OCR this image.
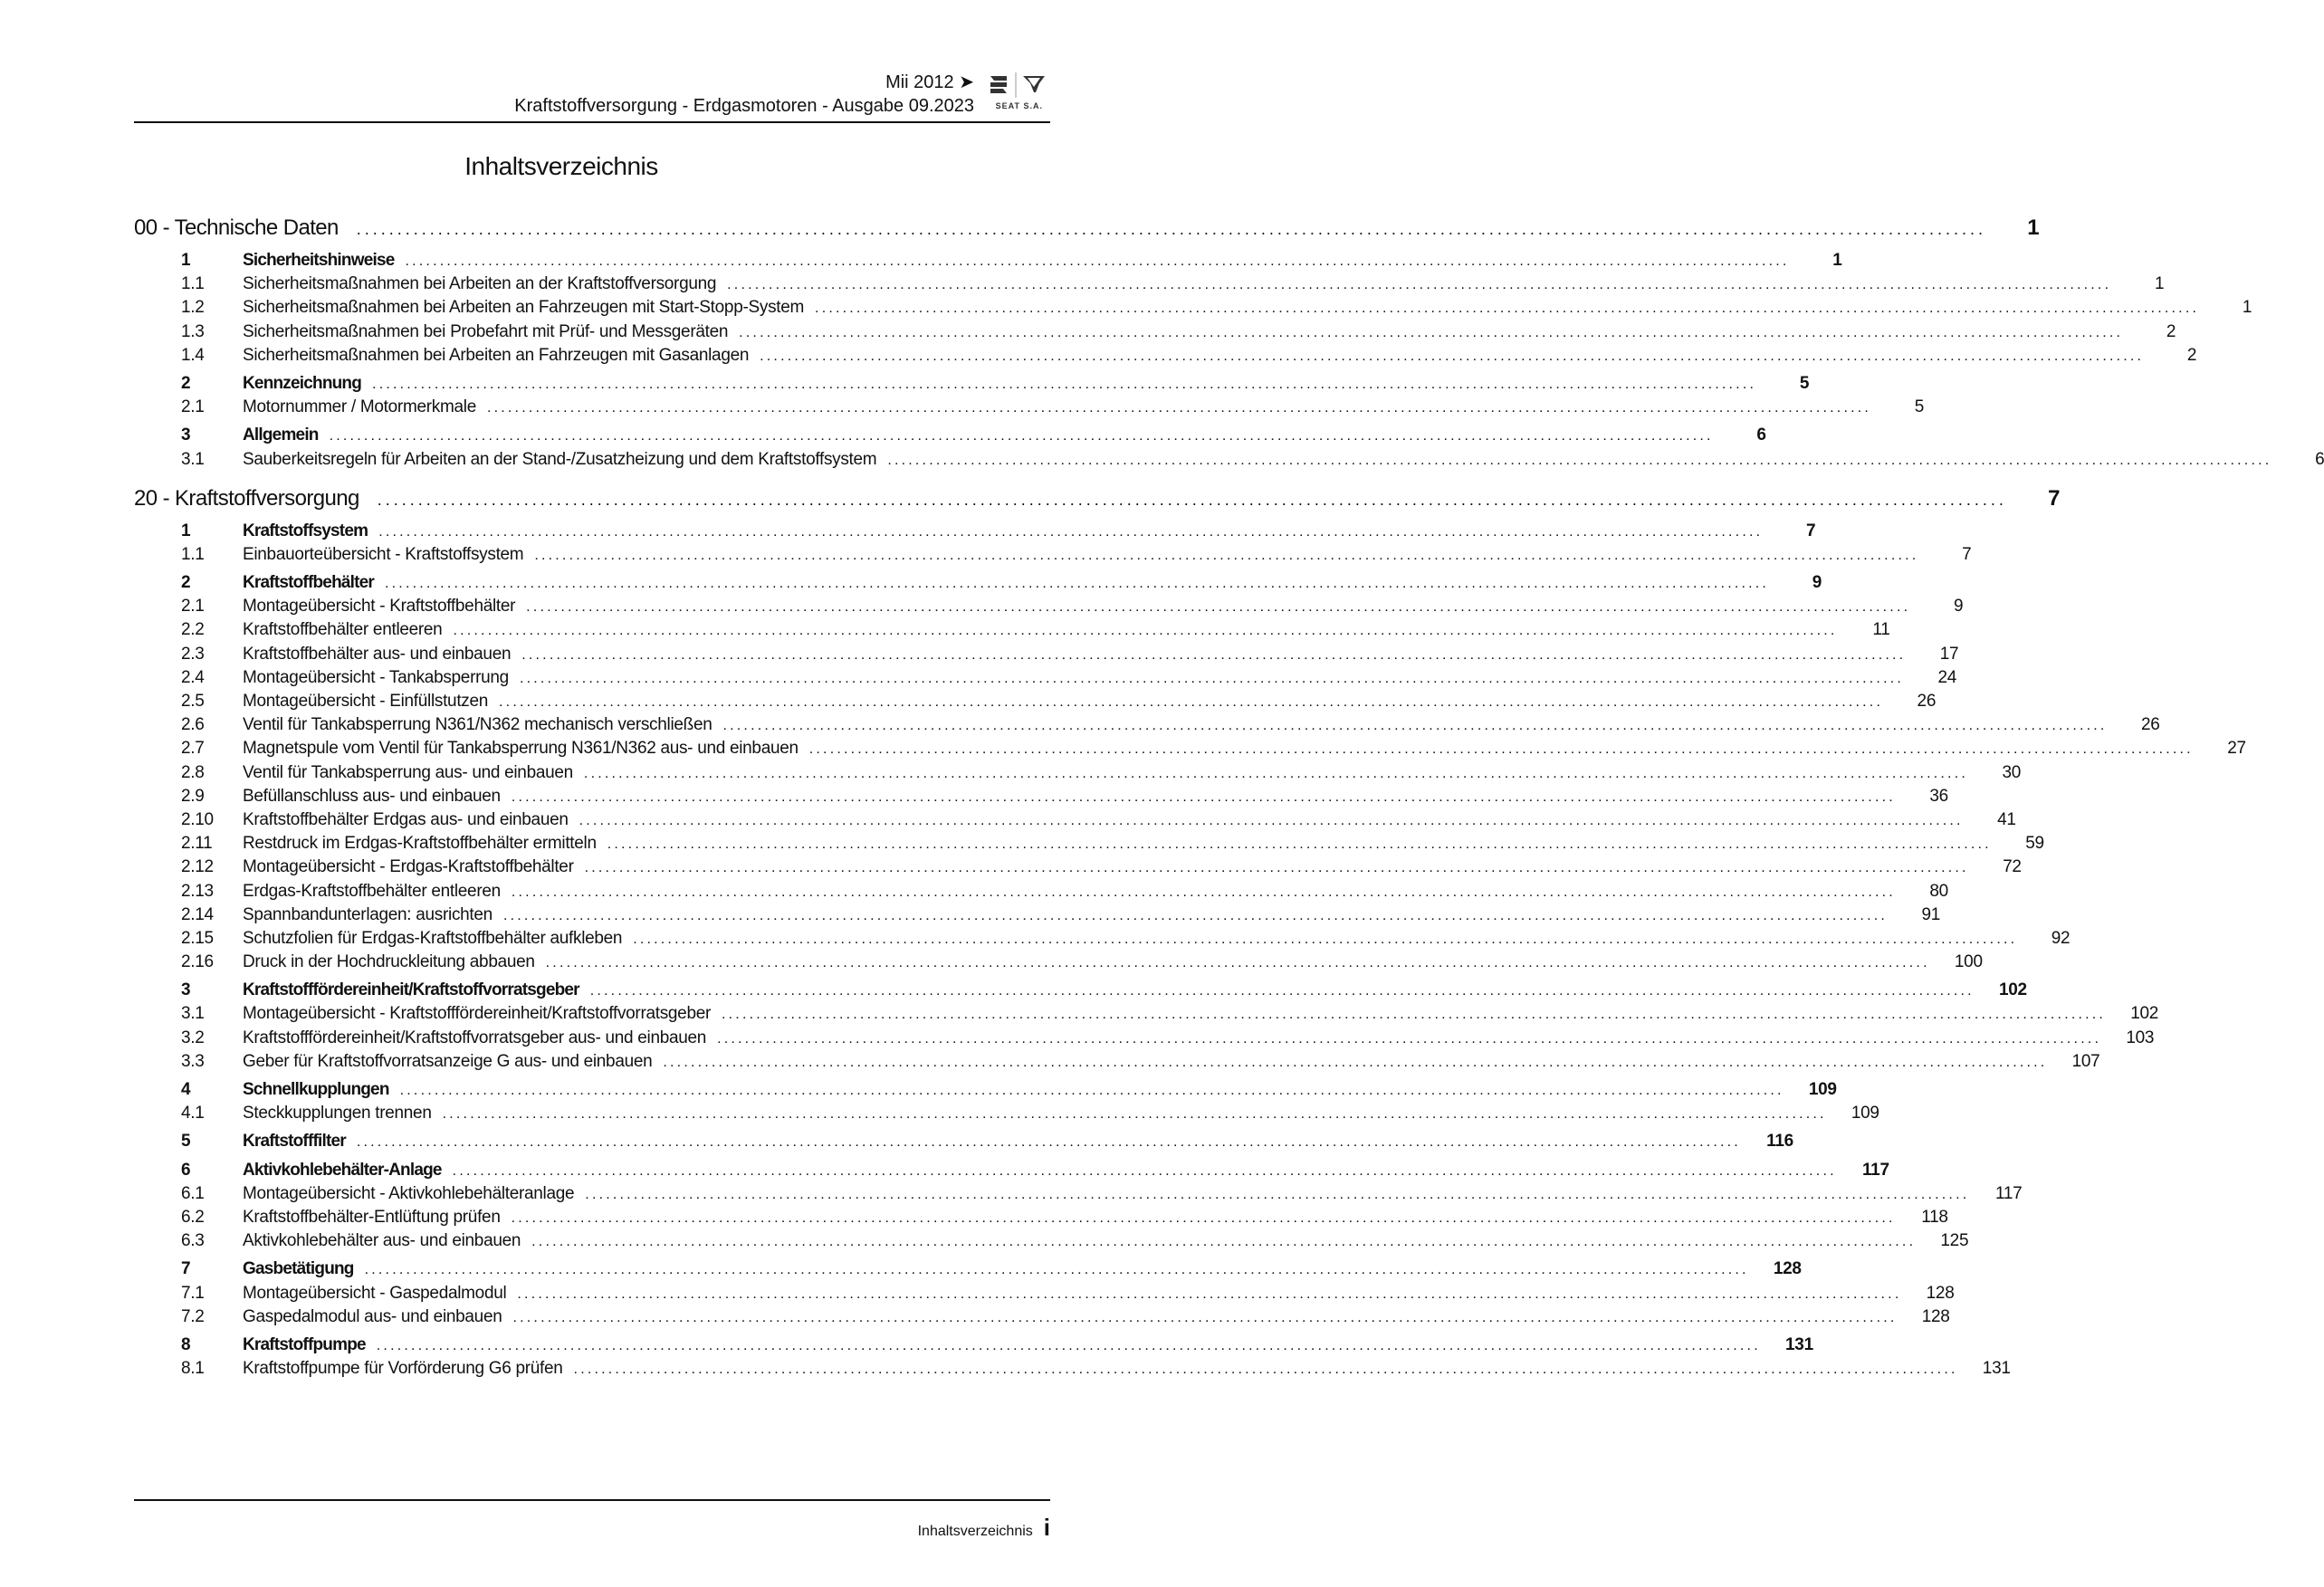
Mii 2012 ➤
Kraftstoffversorgung - Erdgasmotoren - Ausgabe 09.2023	SEAT S.A.
Inhaltsverzeichnis
00 - Technische Daten ........................................................................................................................................................................................................	1
1	Sicherheitshinweise ........................................................................................................................................................................................................	1
1.1	Sicherheitsmaßnahmen bei Arbeiten an der Kraftstoffversorgung ........................................................................................................................................................................................................	1
1.2	Sicherheitsmaßnahmen bei Arbeiten an Fahrzeugen mit Start-Stopp-System ........................................................................................................................................................................................................	1
1.3	Sicherheitsmaßnahmen bei Probefahrt mit Prüf- und Messgeräten ........................................................................................................................................................................................................	2
1.4	Sicherheitsmaßnahmen bei Arbeiten an Fahrzeugen mit Gasanlagen ........................................................................................................................................................................................................	2
2	Kennzeichnung ........................................................................................................................................................................................................	5
2.1	Motornummer / Motormerkmale ........................................................................................................................................................................................................	5
3	Allgemein ........................................................................................................................................................................................................	6
3.1	Sauberkeitsregeln für Arbeiten an der Stand-/Zusatzheizung und dem Kraftstoffsystem ........................................................................................................................................................................................................	6
20 - Kraftstoffversorgung ........................................................................................................................................................................................................	7
1	Kraftstoffsystem ........................................................................................................................................................................................................	7
1.1	Einbauorteübersicht - Kraftstoffsystem ........................................................................................................................................................................................................	7
2	Kraftstoffbehälter ........................................................................................................................................................................................................	9
2.1	Montageübersicht - Kraftstoffbehälter ........................................................................................................................................................................................................	9
2.2	Kraftstoffbehälter entleeren ........................................................................................................................................................................................................	11
2.3	Kraftstoffbehälter aus- und einbauen ........................................................................................................................................................................................................	17
2.4	Montageübersicht - Tankabsperrung ........................................................................................................................................................................................................	24
2.5	Montageübersicht - Einfüllstutzen ........................................................................................................................................................................................................	26
2.6	Ventil für Tankabsperrung N361/N362 mechanisch verschließen ........................................................................................................................................................................................................	26
2.7	Magnetspule vom Ventil für Tankabsperrung N361/N362 aus- und einbauen ........................................................................................................................................................................................................	27
2.8	Ventil für Tankabsperrung aus- und einbauen ........................................................................................................................................................................................................	30
2.9	Befüllanschluss aus- und einbauen ........................................................................................................................................................................................................	36
2.10	Kraftstoffbehälter Erdgas aus- und einbauen ........................................................................................................................................................................................................	41
2.11	Restdruck im Erdgas-Kraftstoffbehälter ermitteln ........................................................................................................................................................................................................	59
2.12	Montageübersicht - Erdgas-Kraftstoffbehälter ........................................................................................................................................................................................................	72
2.13	Erdgas-Kraftstoffbehälter entleeren ........................................................................................................................................................................................................	80
2.14	Spannbandunterlagen: ausrichten ........................................................................................................................................................................................................	91
2.15	Schutzfolien für Erdgas-Kraftstoffbehälter aufkleben ........................................................................................................................................................................................................	92
2.16	Druck in der Hochdruckleitung abbauen ........................................................................................................................................................................................................	100
3	Kraftstofffördereinheit/Kraftstoffvorratsgeber ........................................................................................................................................................................................................	102
3.1	Montageübersicht - Kraftstofffördereinheit/Kraftstoffvorratsgeber ........................................................................................................................................................................................................	102
3.2	Kraftstofffördereinheit/Kraftstoffvorratsgeber aus- und einbauen ........................................................................................................................................................................................................	103
3.3	Geber für Kraftstoffvorratsanzeige G aus- und einbauen ........................................................................................................................................................................................................	107
4	Schnellkupplungen ........................................................................................................................................................................................................	109
4.1	Steckkupplungen trennen ........................................................................................................................................................................................................	109
5	Kraftstofffilter ........................................................................................................................................................................................................	116
6	Aktivkohlebehälter-Anlage ........................................................................................................................................................................................................	117
6.1	Montageübersicht - Aktivkohlebehälteranlage ........................................................................................................................................................................................................	117
6.2	Kraftstoffbehälter-Entlüftung prüfen ........................................................................................................................................................................................................	118
6.3	Aktivkohlebehälter aus- und einbauen ........................................................................................................................................................................................................	125
7	Gasbetätigung ........................................................................................................................................................................................................	128
7.1	Montageübersicht - Gaspedalmodul ........................................................................................................................................................................................................	128
7.2	Gaspedalmodul aus- und einbauen ........................................................................................................................................................................................................	128
8	Kraftstoffpumpe ........................................................................................................................................................................................................	131
8.1	Kraftstoffpumpe für Vorförderung G6 prüfen ........................................................................................................................................................................................................	131
Inhaltsverzeichnis i
